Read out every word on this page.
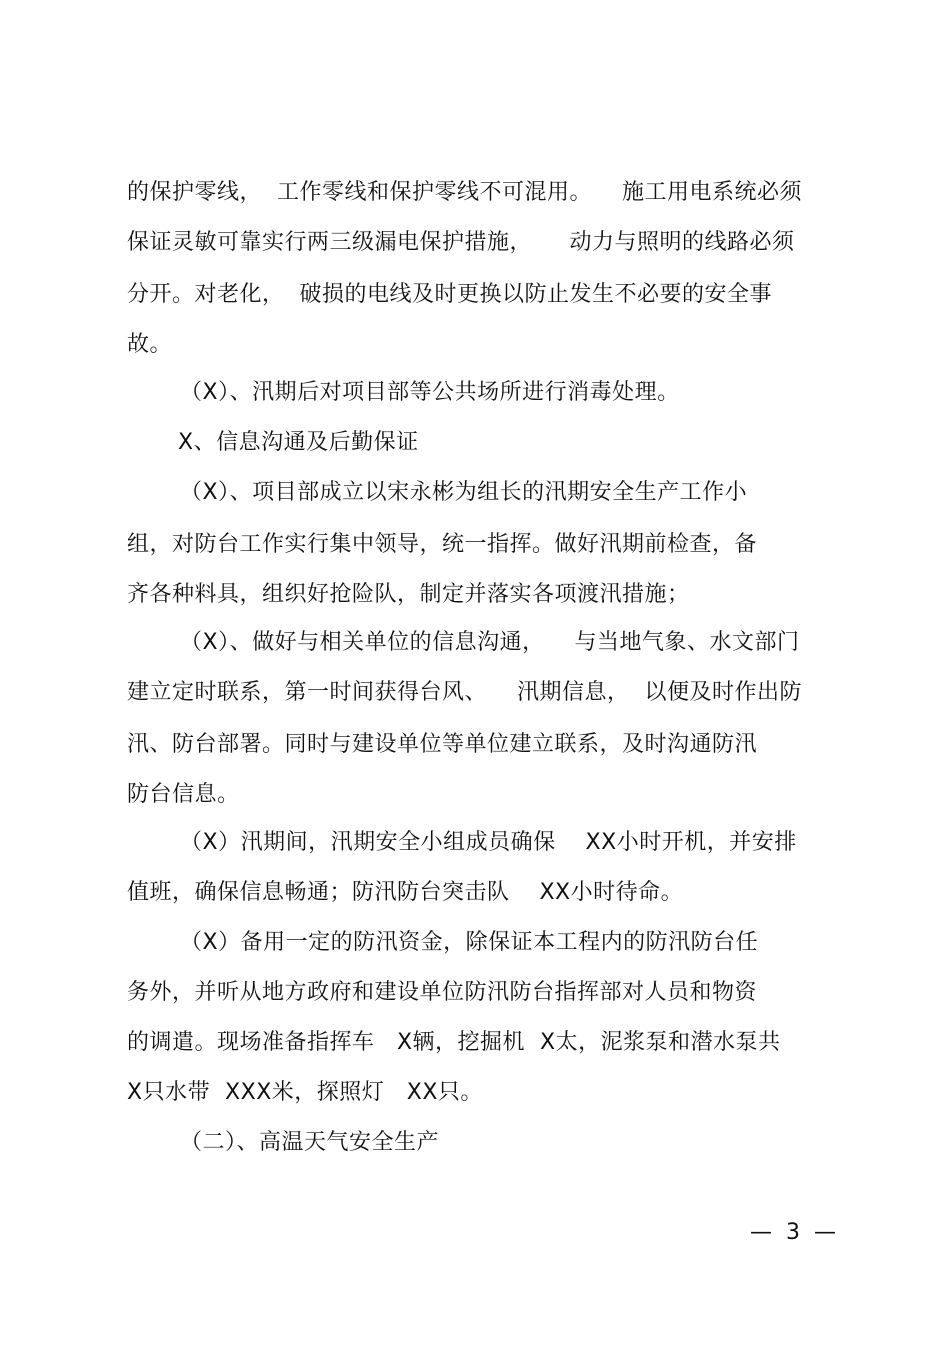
的保护零线，  工作零线和保护零线不可混用。    施工用电系统必须
保证灵敏可靠实行两三级漏电保护措施，     动力与照明的线路必须
分开。对老化，  破损的电线及时更换以防止发生不必要的安全事
故。
（X）、汛期后对项目部等公共场所进行消毒处理。
X、信息沟通及后勤保证
（X）、项目部成立以宋永彬为组长的汛期安全生产工作小
组，对防台工作实行集中领导，统一指挥。做好汛期前检查，备
齐各种料具，组织好抢险队，制定并落实各项渡汛措施；
（X）、做好与相关单位的信息沟通，    与当地气象、水文部门
建立定时联系，第一时间获得台风、    汛期信息，  以便及时作出防
汛、防台部署。同时与建设单位等单位建立联系，及时沟通防汛
防台信息。
（X）汛期间，汛期安全小组成员确保    XX小时开机，并安排
值班，确保信息畅通；防汛防台突击队    XX小时待命。
（X）备用一定的防汛资金，除保证本工程内的防汛防台任
务外，并听从地方政府和建设单位防汛防台指挥部对人员和物资
的调遣。现场准备指挥车   X辆，挖掘机  X太，泥浆泵和潜水泵共
X只水带  XXX米，探照灯   XX只。
（二）、高温天气安全生产
—  3  —
